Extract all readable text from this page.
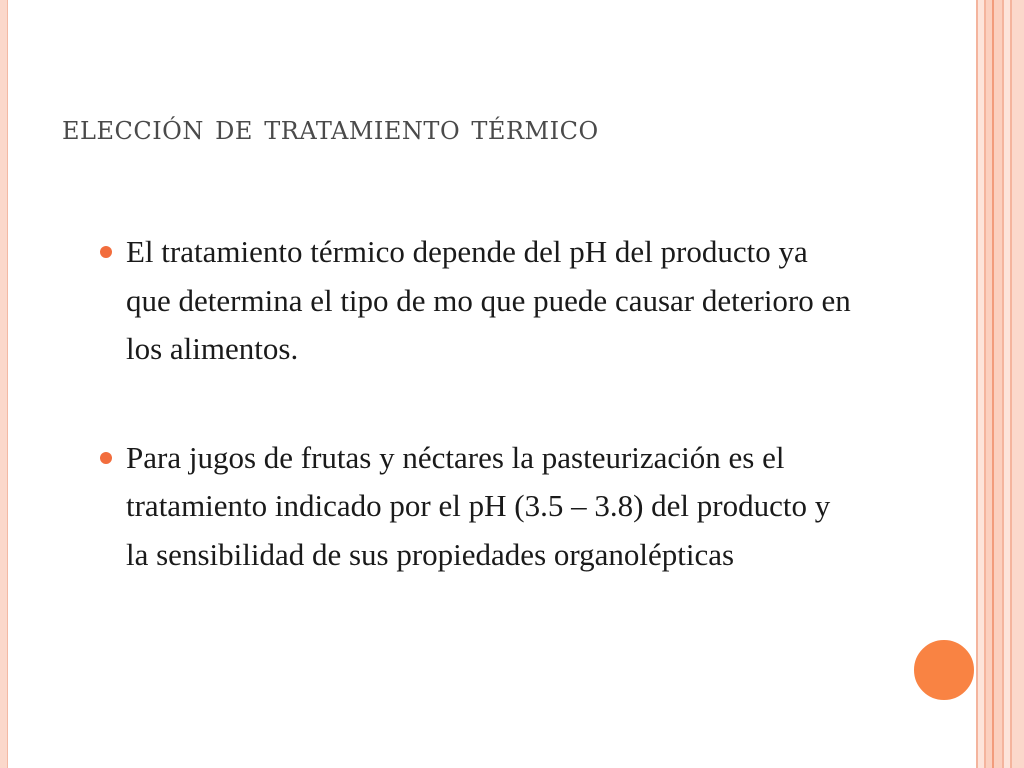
elección de tratamiento térmico
El tratamiento térmico depende del pH del producto ya que determina el tipo de mo que puede causar deterioro en los alimentos.
Para jugos de frutas y néctares la pasteurización es el tratamiento indicado por el pH (3.5 – 3.8) del producto y la sensibilidad de sus propiedades organolépticas
